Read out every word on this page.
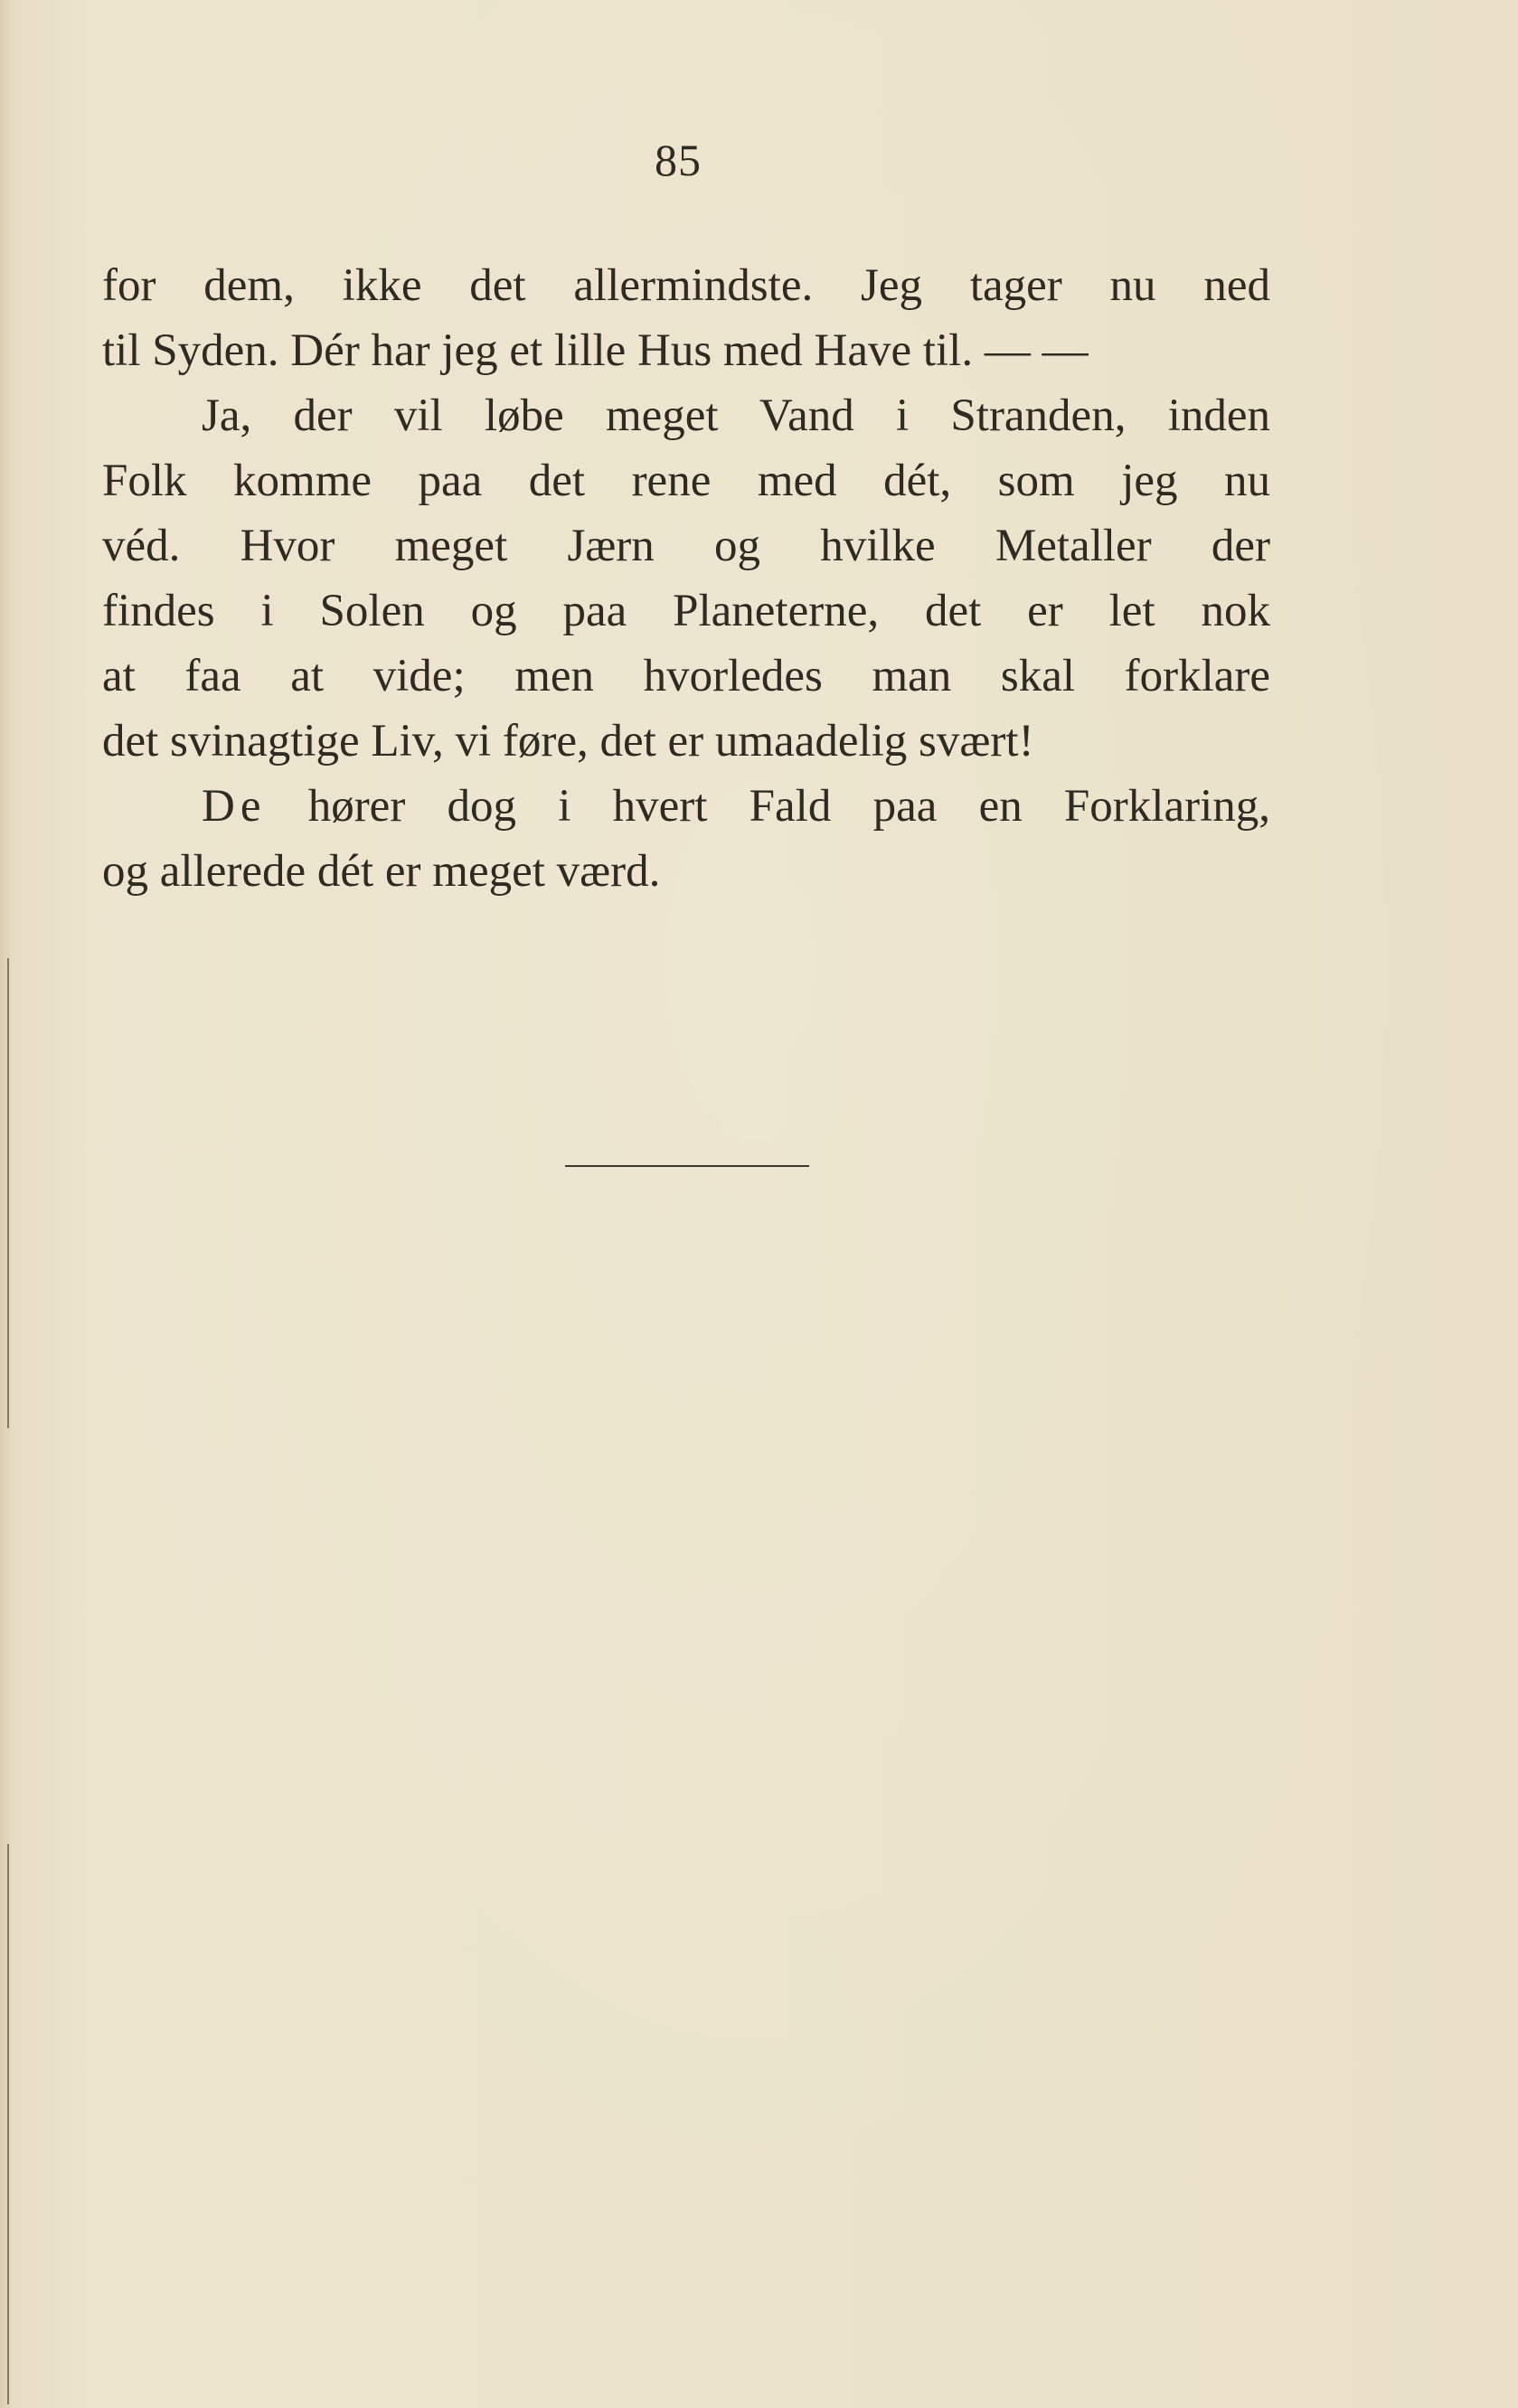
85
for dem, ikke det allermindste. Jeg tager nu ned
til Syden. Dér har jeg et lille Hus med Have til. — —
Ja, der vil løbe meget Vand i Stranden, inden
Folk komme paa det rene med dét, som jeg nu
véd. Hvor meget Jærn og hvilke Metaller der
findes i Solen og paa Planeterne, det er let nok
at faa at vide; men hvorledes man skal forklare
det svinagtige Liv, vi føre, det er umaadelig svært!
De hører dog i hvert Fald paa en Forklaring,
og allerede dét er meget værd.
